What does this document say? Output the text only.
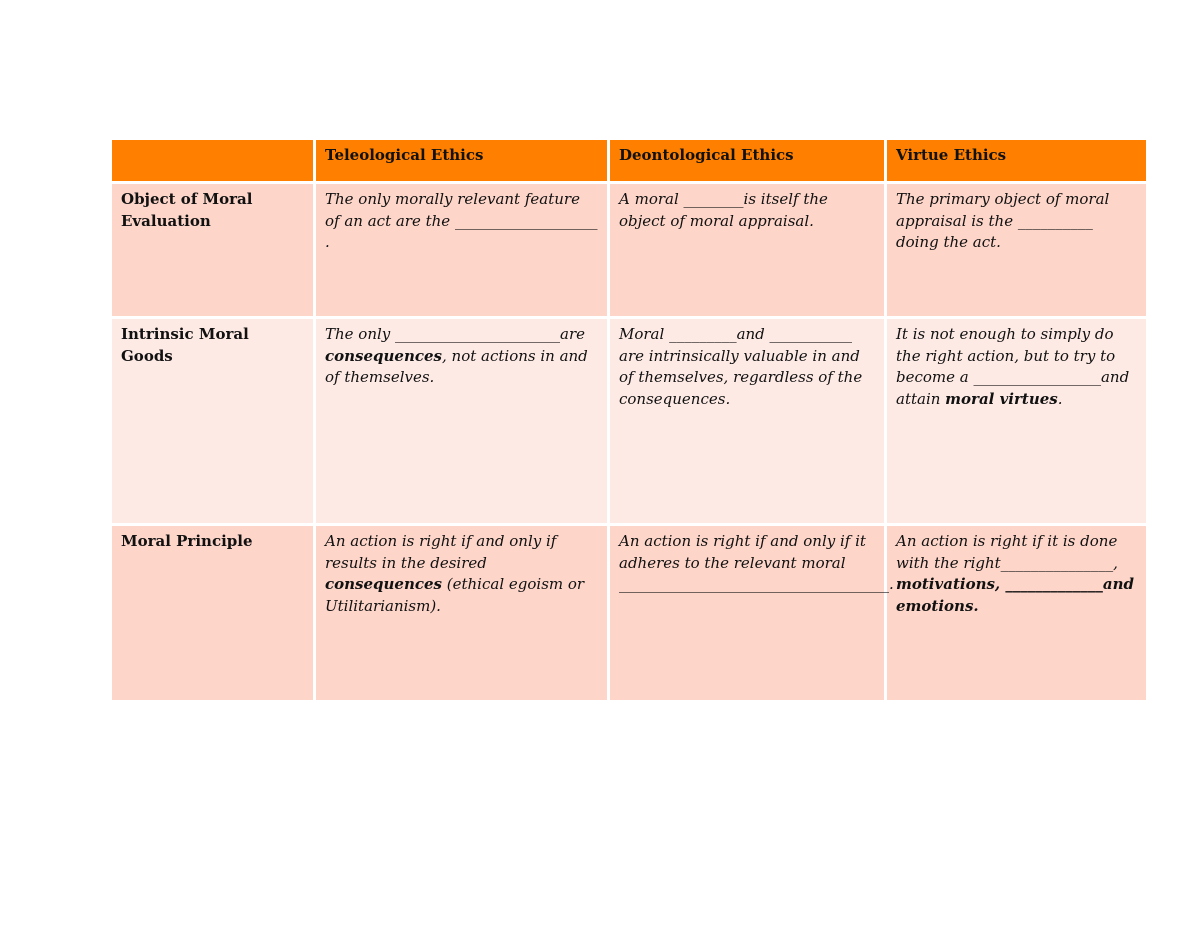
	Teleological Ethics	Deontological Ethics	Virtue Ethics
Object of Moral Evaluation	The only morally relevant feature of an act are the ___________________ .	A moral ________is itself the object of moral appraisal.	The primary object of moral appraisal is the __________ doing the act.
Intrinsic Moral Goods	The only ______________________are consequences, not actions in and of themselves.	Moral _________and ___________ are intrinsically valuable in and of themselves, regardless of the consequences.	It is not enough to simply do the right action, but to try to become a _________________and attain moral virtues.
Moral Principle	An action is right if and only if results in the desired consequences (ethical egoism or Utilitarianism).	An action is right if and only if it adheres to the relevant moral ____________________________________.	An action is right if it is done with the right_______________, motivations, _____________and emotions.
